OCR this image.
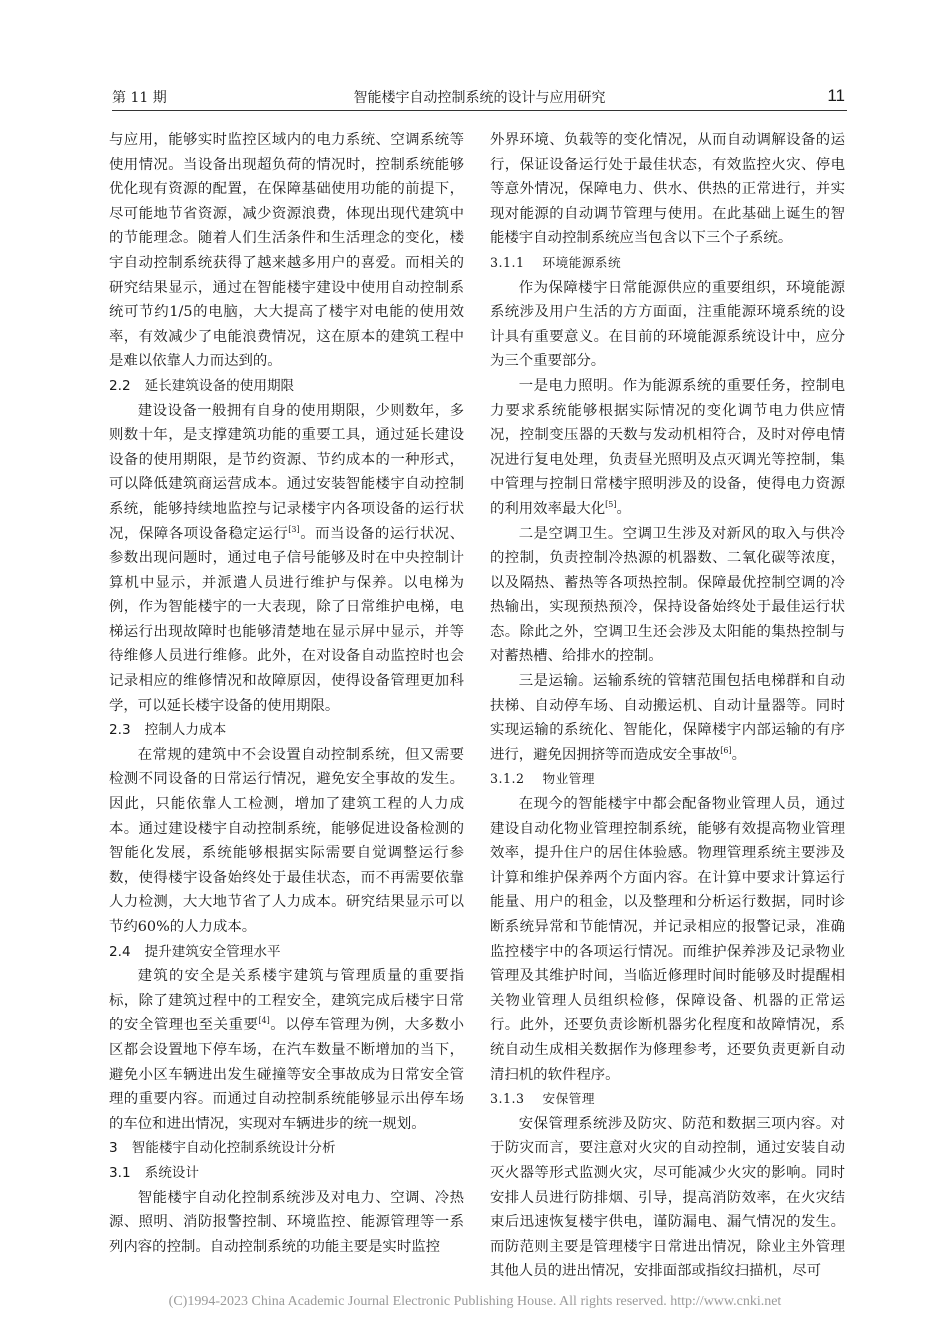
第 11 期	智能楼宇自动控制系统的设计与应用研究	11

与应用，能够实时监控区域内的电力系统、空调系统等使用情况。当设备出现超负荷的情况时，控制系统能够优化现有资源的配置，在保障基础使用功能的前提下，尽可能地节省资源，减少资源浪费，体现出现代建筑中的节能理念。随着人们生活条件和生活理念的变化，楼宇自动控制系统获得了越来越多用户的喜爱。而相关的研究结果显示，通过在智能楼宇建设中使用自动控制系统可节约1/5的电脑，大大提高了楼宇对电能的使用效率，有效减少了电能浪费情况，这在原本的建筑工程中是难以依靠人力而达到的。

2.2 延长建筑设备的使用期限

建设设备一般拥有自身的使用期限，少则数年，多则数十年，是支撑建筑功能的重要工具，通过延长建设设备的使用期限，是节约资源、节约成本的一种形式，可以降低建筑商运营成本。通过安装智能楼宇自动控制系统，能够持续地监控与记录楼宇内各项设备的运行状况，保障各项设备稳定运行[3]。而当设备的运行状况、参数出现问题时，通过电子信号能够及时在中央控制计算机中显示，并派遣人员进行维护与保养。以电梯为例，作为智能楼宇的一大表现，除了日常维护电梯，电梯运行出现故障时也能够清楚地在显示屏中显示，并等待维修人员进行维修。此外，在对设备自动监控时也会记录相应的维修情况和故障原因，使得设备管理更加科学，可以延长楼宇设备的使用期限。

2.3 控制人力成本

在常规的建筑中不会设置自动控制系统，但又需要检测不同设备的日常运行情况，避免安全事故的发生。因此，只能依靠人工检测，增加了建筑工程的人力成本。通过建设楼宇自动控制系统，能够促进设备检测的智能化发展，系统能够根据实际需要自觉调整运行参数，使得楼宇设备始终处于最佳状态，而不再需要依靠人力检测，大大地节省了人力成本。研究结果显示可以节约60%的人力成本。

2.4 提升建筑安全管理水平

建筑的安全是关系楼宇建筑与管理质量的重要指标，除了建筑过程中的工程安全，建筑完成后楼宇日常的安全管理也至关重要[4]。以停车管理为例，大多数小区都会设置地下停车场，在汽车数量不断增加的当下，避免小区车辆进出发生碰撞等安全事故成为日常安全管理的重要内容。而通过自动控制系统能够显示出停车场的车位和进出情况，实现对车辆进步的统一规划。

3 智能楼宇自动化控制系统设计分析
3.1 系统设计

智能楼宇自动化控制系统涉及对电力、空调、冷热源、照明、消防报警控制、环境监控、能源管理等一系列内容的控制。自动控制系统的功能主要是实时监控

外界环境、负载等的变化情况，从而自动调解设备的运行，保证设备运行处于最佳状态，有效监控火灾、停电等意外情况，保障电力、供水、供热的正常进行，并实现对能源的自动调节管理与使用。在此基础上诞生的智能楼宇自动控制系统应当包含以下三个子系统。

3.1.1 环境能源系统

作为保障楼宇日常能源供应的重要组织，环境能源系统涉及用户生活的方方面面，注重能源环境系统的设计具有重要意义。在目前的环境能源系统设计中，应分为三个重要部分。

一是电力照明。作为能源系统的重要任务，控制电力要求系统能够根据实际情况的变化调节电力供应情况，控制变压器的天数与发动机相符合，及时对停电情况进行复电处理，负责昼光照明及点灭调光等控制，集中管理与控制日常楼宇照明涉及的设备，使得电力资源的利用效率最大化[5]。

二是空调卫生。空调卫生涉及对新风的取入与供冷的控制，负责控制冷热源的机器数、二氧化碳等浓度，以及隔热、蓄热等各项热控制。保障最优控制空调的冷热输出，实现预热预冷，保持设备始终处于最佳运行状态。除此之外，空调卫生还会涉及太阳能的集热控制与对蓄热槽、给排水的控制。

三是运输。运输系统的管辖范围包括电梯群和自动扶梯、自动停车场、自动搬运机、自动计量器等。同时实现运输的系统化、智能化，保障楼宇内部运输的有序进行，避免因拥挤等而造成安全事故[6]。

3.1.2 物业管理

在现今的智能楼宇中都会配备物业管理人员，通过建设自动化物业管理控制系统，能够有效提高物业管理效率，提升住户的居住体验感。物理管理系统主要涉及计算和维护保养两个方面内容。在计算中要求计算运行能量、用户的租金，以及整理和分析运行数据，同时诊断系统异常和节能情况，并记录相应的报警记录，准确监控楼宇中的各项运行情况。而维护保养涉及记录物业管理及其维护时间，当临近修理时间时能够及时提醒相关物业管理人员组织检修，保障设备、机器的正常运行。此外，还要负责诊断机器劣化程度和故障情况，系统自动生成相关数据作为修理参考，还要负责更新自动清扫机的软件程序。

3.1.3 安保管理

安保管理系统涉及防灾、防范和数据三项内容。对于防灾而言，要注意对火灾的自动控制，通过安装自动灭火器等形式监测火灾，尽可能减少火灾的影响。同时安排人员进行防排烟、引导，提高消防效率，在火灾结束后迅速恢复楼宇供电，谨防漏电、漏气情况的发生。而防范则主要是管理楼宇日常进出情况，除业主外管理其他人员的进出情况，安排面部或指纹扫描机，尽可

(C)1994-2023 China Academic Journal Electronic Publishing House. All rights reserved. http://www.cnki.net
